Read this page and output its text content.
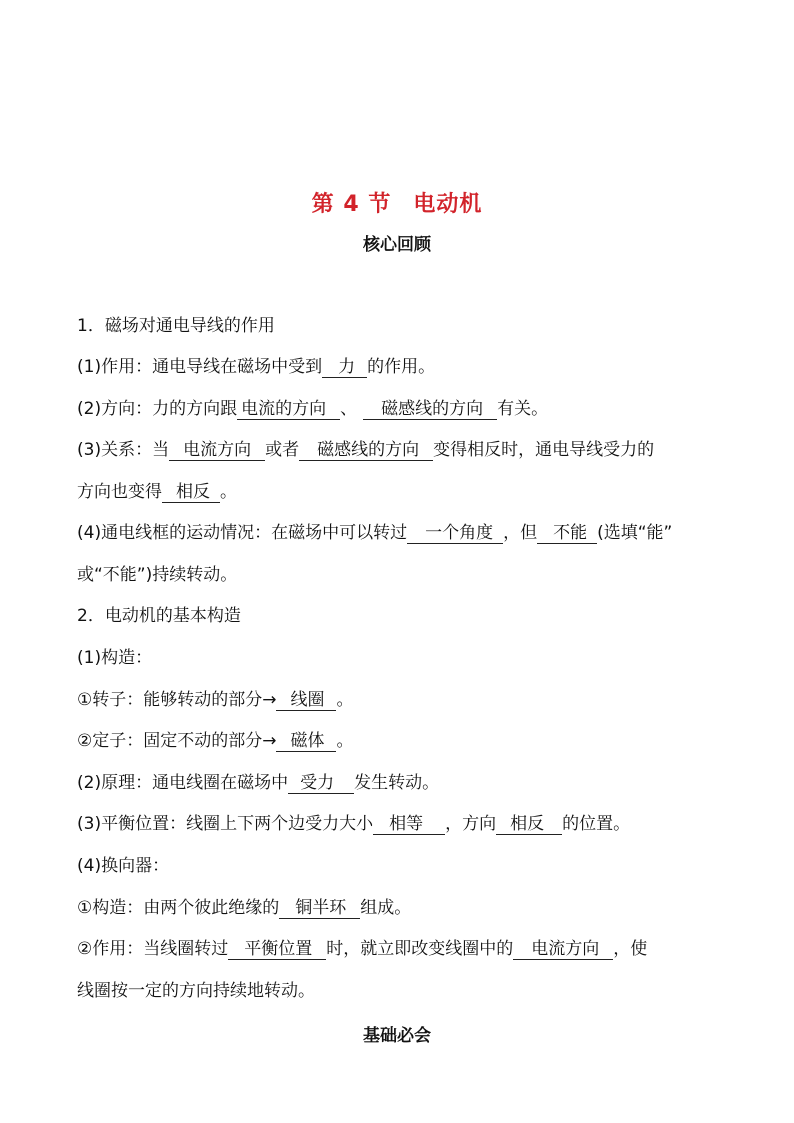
第 4 节 电动机
核心回顾
1．磁场对通电导线的作用
(1)作用：通电导线在磁场中受到 力 的作用。
(2)方向：力的方向跟 电流的方向 、 磁感线的方向 有关。
(3)关系：当 电流方向 或者 磁感线的方向 变得相反时，通电导线受力的
方向也变得 相反 。
(4)通电线框的运动情况：在磁场中可以转过 一个角度 ，但 不能 (选填“能”
或“不能”)持续转动。
2．电动机的基本构造
(1)构造：
①转子：能够转动的部分→ 线圈 。
②定子：固定不动的部分→ 磁体 。
(2)原理：通电线圈在磁场中 受力 发生转动。
(3)平衡位置：线圈上下两个边受力大小 相等 ，方向 相反 的位置。
(4)换向器：
①构造：由两个彼此绝缘的 铜半环 组成。
②作用：当线圈转过 平衡位置 时，就立即改变线圈中的 电流方向 ，使
线圈按一定的方向持续地转动。
基础必会
